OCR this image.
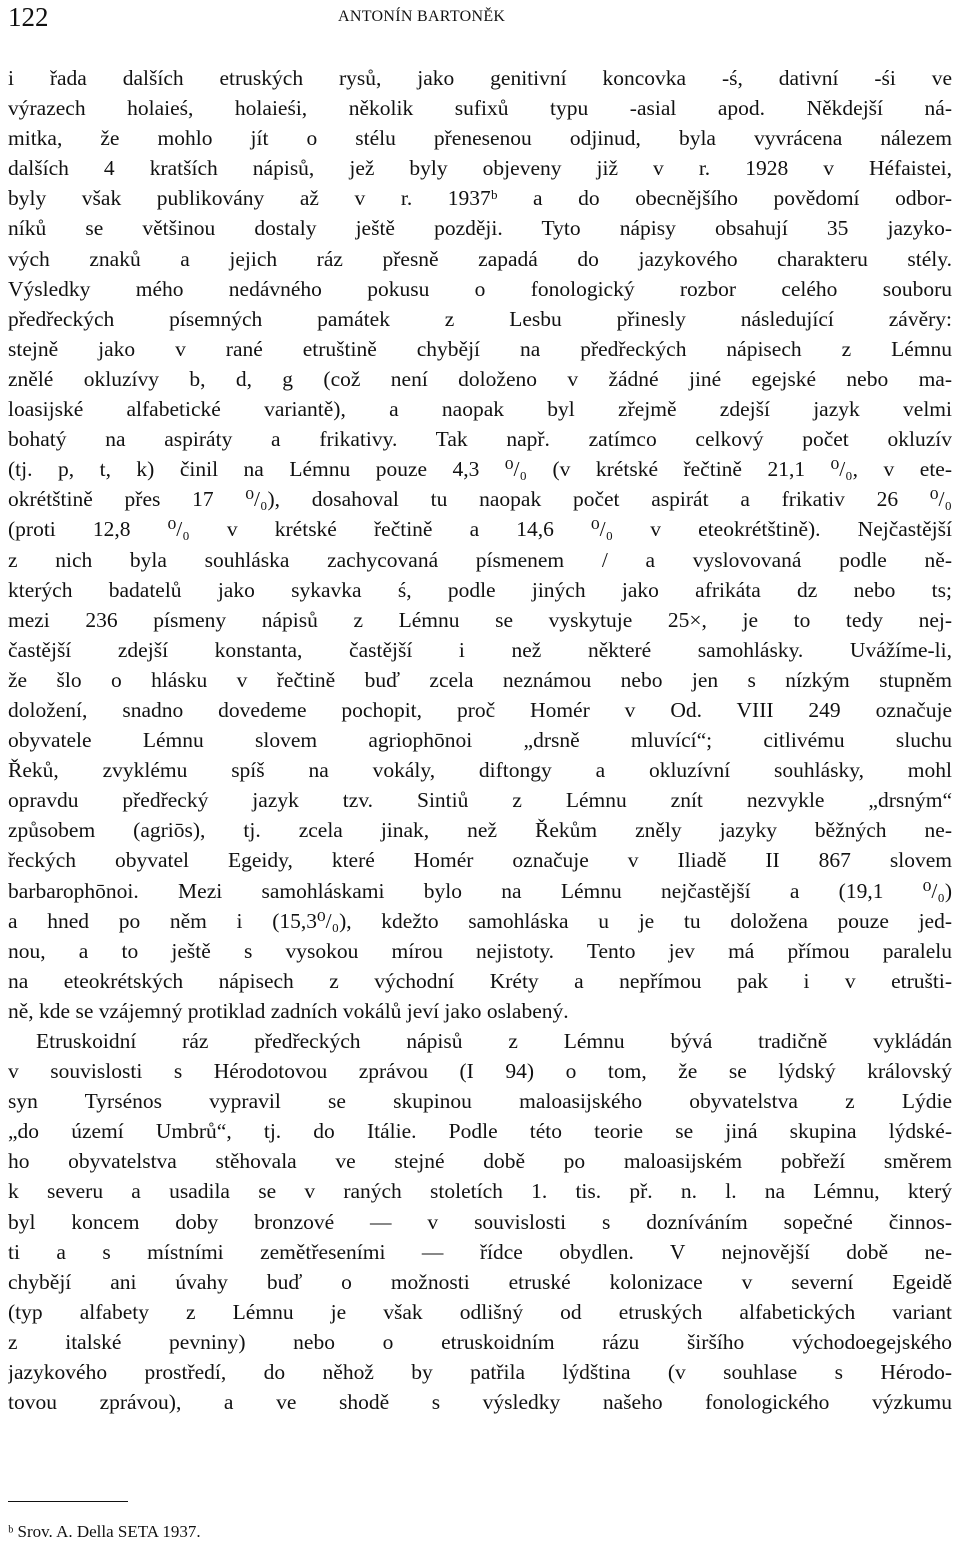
122	ANTONÍN BARTONĚK
i řada dalších etruských rysů, jako genitivní koncovka -ś, dativní -śi ve
výrazech holaieś, holaieśi, několik sufixů typu -asial apod. Někdejší ná-
mitka, že mohlo jít o stélu přenesenou odjinud, byla vyvrácena nálezem
dalších 4 kratších nápisů, jež byly objeveny již v r. 1928 v Héfaistei,
byly však publikovány až v r. 1937ᵇ a do obecnějšího povědomí odbor-
níků se většinou dostaly ještě později. Tyto nápisy obsahují 35 jazyko-
vých znaků a jejich ráz přesně zapadá do jazykového charakteru stély.
Výsledky mého nedávného pokusu o fonologický rozbor celého souboru
předřeckých písemných památek z Lesbu přinesly následující závěry:
stejně jako v rané etruštině chybějí na předřeckých nápisech z Lémnu
znělé okluzívy b, d, g (což není doloženo v žádné jiné egejské nebo ma-
loasijské alfabetické variantě), a naopak byl zřejmě zdejší jazyk velmi
bohatý na aspiráty a frikativy. Tak např. zatímco celkový počet okluzív
(tj. p, t, k) činil na Lémnu pouze 4,3 ⁰/₀ (v krétské řečtině 21,1 ⁰/₀, v ete-
okrétštině přes 17 ⁰/₀), dosahoval tu naopak počet aspirát a frikativ 26 ⁰/₀
(proti 12,8 ⁰/₀ v krétské řečtině a 14,6 ⁰/₀ v eteokrétštině). Nejčastější
z nich byla souhláska zachycovaná písmenem / a vyslovovaná podle ně-
kterých badatelů jako sykavka ś, podle jiných jako afrikáta dz nebo ts;
mezi 236 písmeny nápisů z Lémnu se vyskytuje 25×, je to tedy nej-
častější zdejší konstanta, častější i než některé samohlásky. Uvážíme-li,
že šlo o hlásku v řečtině buď zcela neznámou nebo jen s nízkým stupněm
doložení, snadno dovedeme pochopit, proč Homér v Od. VIII 249 označuje
obyvatele Lémnu slovem agriophōnoi „drsně mluvící“; citlivému sluchu
Řeků, zvyklému spíš na vokály, diftongy a okluzívní souhlásky, mohl
opravdu předřecký jazyk tzv. Sintiů z Lémnu znít nezvykle „drsným“
způsobem (agriōs), tj. zcela jinak, než Řekům zněly jazyky běžných ne-
řeckých obyvatel Egeidy, které Homér označuje v Iliadě II 867 slovem
barbarophōnoi. Mezi samohláskami bylo na Lémnu nejčastější a (19,1 ⁰/₀)
a hned po něm i (15,3⁰/₀), kdežto samohláska u je tu doložena pouze jed-
nou, a to ještě s vysokou mírou nejistoty. Tento jev má přímou paralelu
na eteokrétských nápisech z východní Kréty a nepřímou pak i v etrušti-
ně, kde se vzájemný protiklad zadních vokálů jeví jako oslabený.
Etruskoidní ráz předřeckých nápisů z Lémnu bývá tradičně vykládán
v souvislosti s Hérodotovou zprávou (I 94) o tom, že se lýdský královský
syn Tyrsénos vypravil se skupinou maloasijského obyvatelstva z Lýdie
„do území Umbrů“, tj. do Itálie. Podle této teorie se jiná skupina lýdské-
ho obyvatelstva stěhovala ve stejné době po maloasijském pobřeží směrem
k severu a usadila se v raných stoletích 1. tis. př. n. l. na Lémnu, který
byl koncem doby bronzové — v souvislosti s dozníváním sopečné činnos-
ti a s místními zemětřeseními — řídce obydlen. V nejnovější době ne-
chybějí ani úvahy buď o možnosti etruské kolonizace v severní Egeidě
(typ alfabety z Lémnu je však odlišný od etruských alfabetických variant
z italské pevniny) nebo o etruskoidním rázu širšího východoegejského
jazykového prostředí, do něhož by patřila lýdština (v souhlase s Hérodo-
tovou zprávou), a ve shodě s výsledky našeho fonologického výzkumu
ᵇ Srov. A. Della SETA 1937.
